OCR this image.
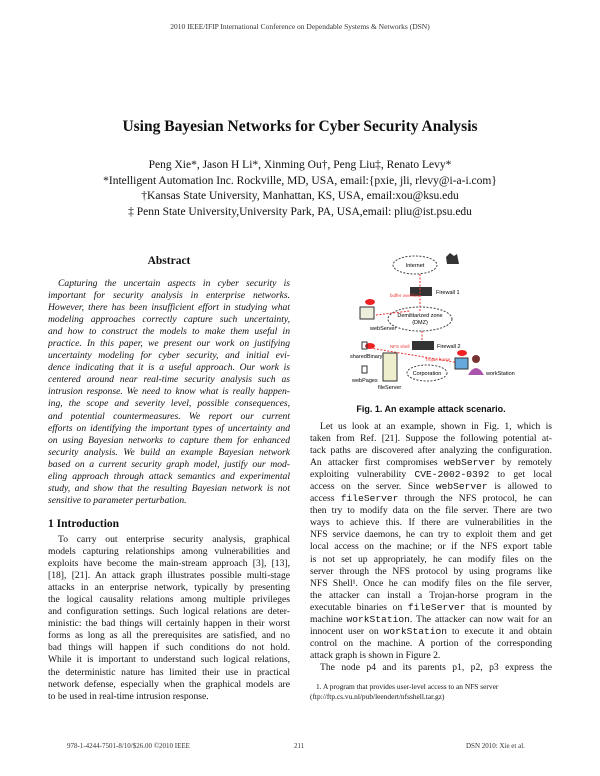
2010 IEEE/IFIP International Conference on Dependable Systems & Networks (DSN)
Using Bayesian Networks for Cyber Security Analysis
Peng Xie*, Jason H Li*, Xinming Ou†, Peng Liu‡, Renato Levy*
*Intelligent Automation Inc. Rockville, MD, USA, email:{pxie, jli, rlevy@i-a-i.com}
†Kansas State University, Manhattan, KS, USA, email:xou@ksu.edu
‡ Penn State University,University Park, PA, USA,email: pliu@ist.psu.edu
Abstract
Capturing the uncertain aspects in cyber security is
important for security analysis in enterprise networks.
However, there has been insufficient effort in studying what
modeling approaches correctly capture such uncertainty,
and how to construct the models to make them useful in
practice. In this paper, we present our work on justifying
uncertainty modeling for cyber security, and initial evi-
dence indicating that it is a useful approach. Our work is
centered around near real-time security analysis such as
intrusion response. We need to know what is really happen-
ing, the scope and severity level, possible consequences,
and potential countermeasures. We report our current
efforts on identifying the important types of uncertainty and
on using Bayesian networks to capture them for enhanced
security analysis. We build an example Bayesian network
based on a current security graph model, justify our mod-
eling approach through attack semantics and experimental
study, and show that the resulting Bayesian network is not
sensitive to parameter perturbation.
1 Introduction
To carry out enterprise security analysis, graphical
models capturing relationships among vulnerabilities and
exploits have become the main-stream approach [3], [13],
[18], [21]. An attack graph illustrates possible multi-stage
attacks in an enterprise network, typically by presenting
the logical causality relations among multiple privileges
and configuration settings. Such logical relations are deter-
ministic: the bad things will certainly happen in their worst
forms as long as all the prerequisites are satisfied, and no
bad things will happen if such conditions do not hold.
While it is important to understand such logical relations,
the deterministic nature has limited their use in practical
network defense, especially when the graphical models are
to be used in real-time intrusion response.
Internet
Firewall 1
buffer overflow
Demilitarized zone
(DMZ)
webServer
Firewall 2
NFS shell
sharedBinary
webPages
fileServer
Corporation
Trojan horse
workStation
Fig. 1. An example attack scenario.
Let us look at an example, shown in Fig. 1, which is
taken from Ref. [21]. Suppose the following potential at-
tack paths are discovered after analyzing the configuration.
An attacker first compromises webServer by remotely
exploiting vulnerability CVE-2002-0392 to get local
access on the server. Since webServer is allowed to
access fileServer through the NFS protocol, he can
then try to modify data on the file server. There are two
ways to achieve this. If there are vulnerabilities in the
NFS service daemons, he can try to exploit them and get
local access on the machine; or if the NFS export table
is not set up appropriately, he can modify files on the
server through the NFS protocol by using programs like
NFS Shell¹. Once he can modify files on the file server,
the attacker can install a Trojan-horse program in the
executable binaries on fileServer that is mounted by
machine workStation. The attacker can now wait for an
innocent user on workStation to execute it and obtain
control on the machine. A portion of the corresponding
attack graph is shown in Figure 2.
The node p4 and its parents p1, p2, p3 express the
1. A program that provides user-level access to an NFS server
(ftp://ftp.cs.vu.nl/pub/leendert/nfsshell.tar.gz)
978-1-4244-7501-8/10/$26.00 ©2010 IEEE	211	DSN 2010: Xie et al.
